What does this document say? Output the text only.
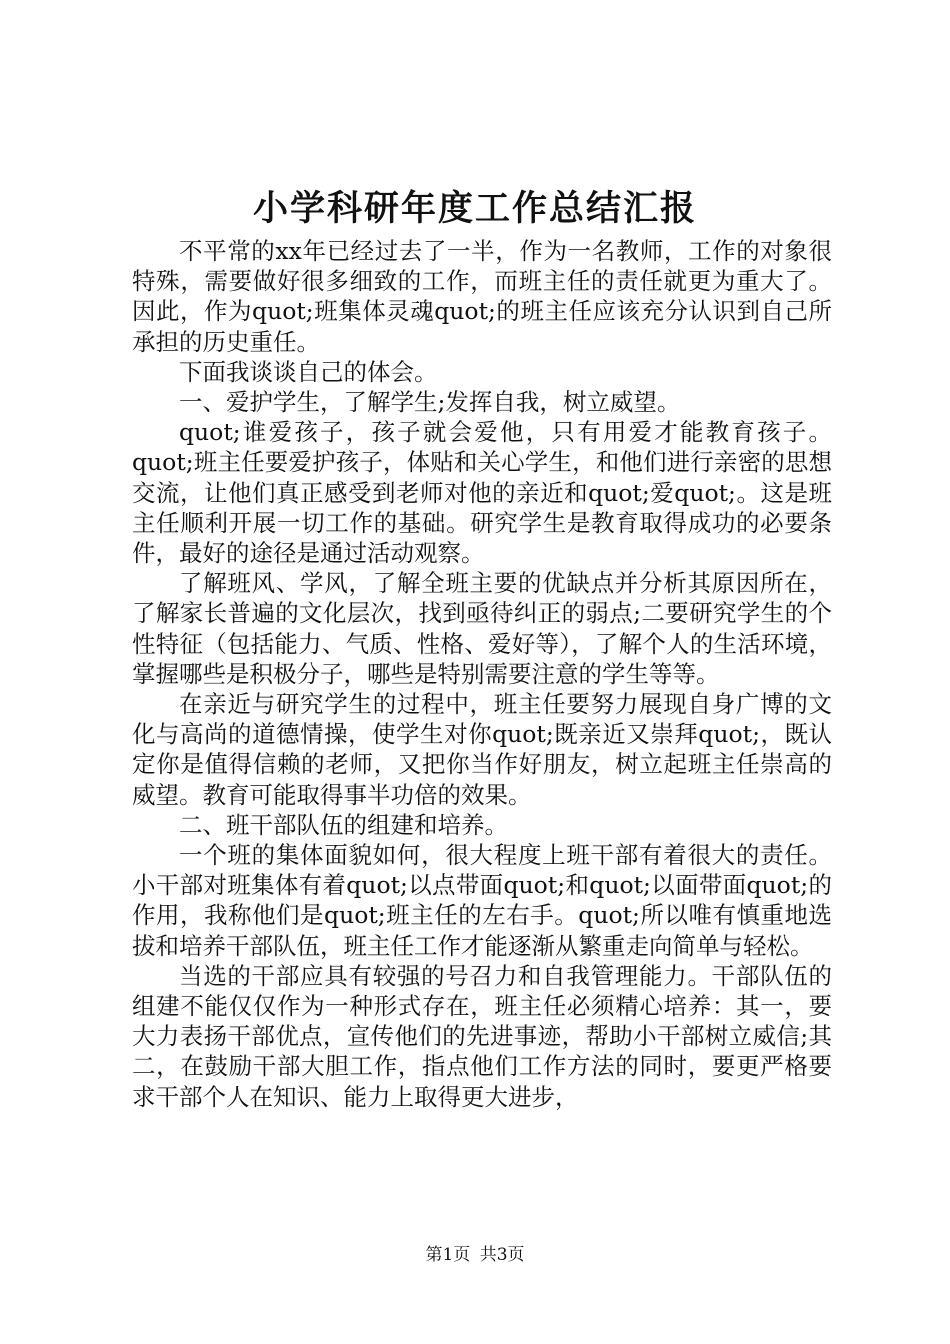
小学科研年度工作总结汇报

不平常的xx年已经过去了一半，作为一名教师，工作的对象很特殊，需要做好很多细致的工作，而班主任的责任就更为重大了。因此，作为quot;班集体灵魂quot;的班主任应该充分认识到自己所承担的历史重任。

下面我谈谈自己的体会。

一、爱护学生，了解学生;发挥自我，树立威望。

quot;谁爱孩子，孩子就会爱他，只有用爱才能教育孩子。quot;班主任要爱护孩子，体贴和关心学生，和他们进行亲密的思想交流，让他们真正感受到老师对他的亲近和quot;爱quot;。这是班主任顺利开展一切工作的基础。研究学生是教育取得成功的必要条件，最好的途径是通过活动观察。

了解班风、学风，了解全班主要的优缺点并分析其原因所在，了解家长普遍的文化层次，找到亟待纠正的弱点;二要研究学生的个性特征（包括能力、气质、性格、爱好等），了解个人的生活环境，掌握哪些是积极分子，哪些是特别需要注意的学生等等。

在亲近与研究学生的过程中，班主任要努力展现自身广博的文化与高尚的道德情操，使学生对你quot;既亲近又崇拜quot;，既认定你是值得信赖的老师，又把你当作好朋友，树立起班主任崇高的威望。教育可能取得事半功倍的效果。

二、班干部队伍的组建和培养。

一个班的集体面貌如何，很大程度上班干部有着很大的责任。小干部对班集体有着quot;以点带面quot;和quot;以面带面quot;的作用，我称他们是quot;班主任的左右手。quot;所以唯有慎重地选拔和培养干部队伍，班主任工作才能逐渐从繁重走向简单与轻松。

当选的干部应具有较强的号召力和自我管理能力。干部队伍的组建不能仅仅作为一种形式存在，班主任必须精心培养：其一，要大力表扬干部优点，宣传他们的先进事迹，帮助小干部树立威信;其二，在鼓励干部大胆工作，指点他们工作方法的同时，要更严格要求干部个人在知识、能力上取得更大进步，

第1页 共3页
